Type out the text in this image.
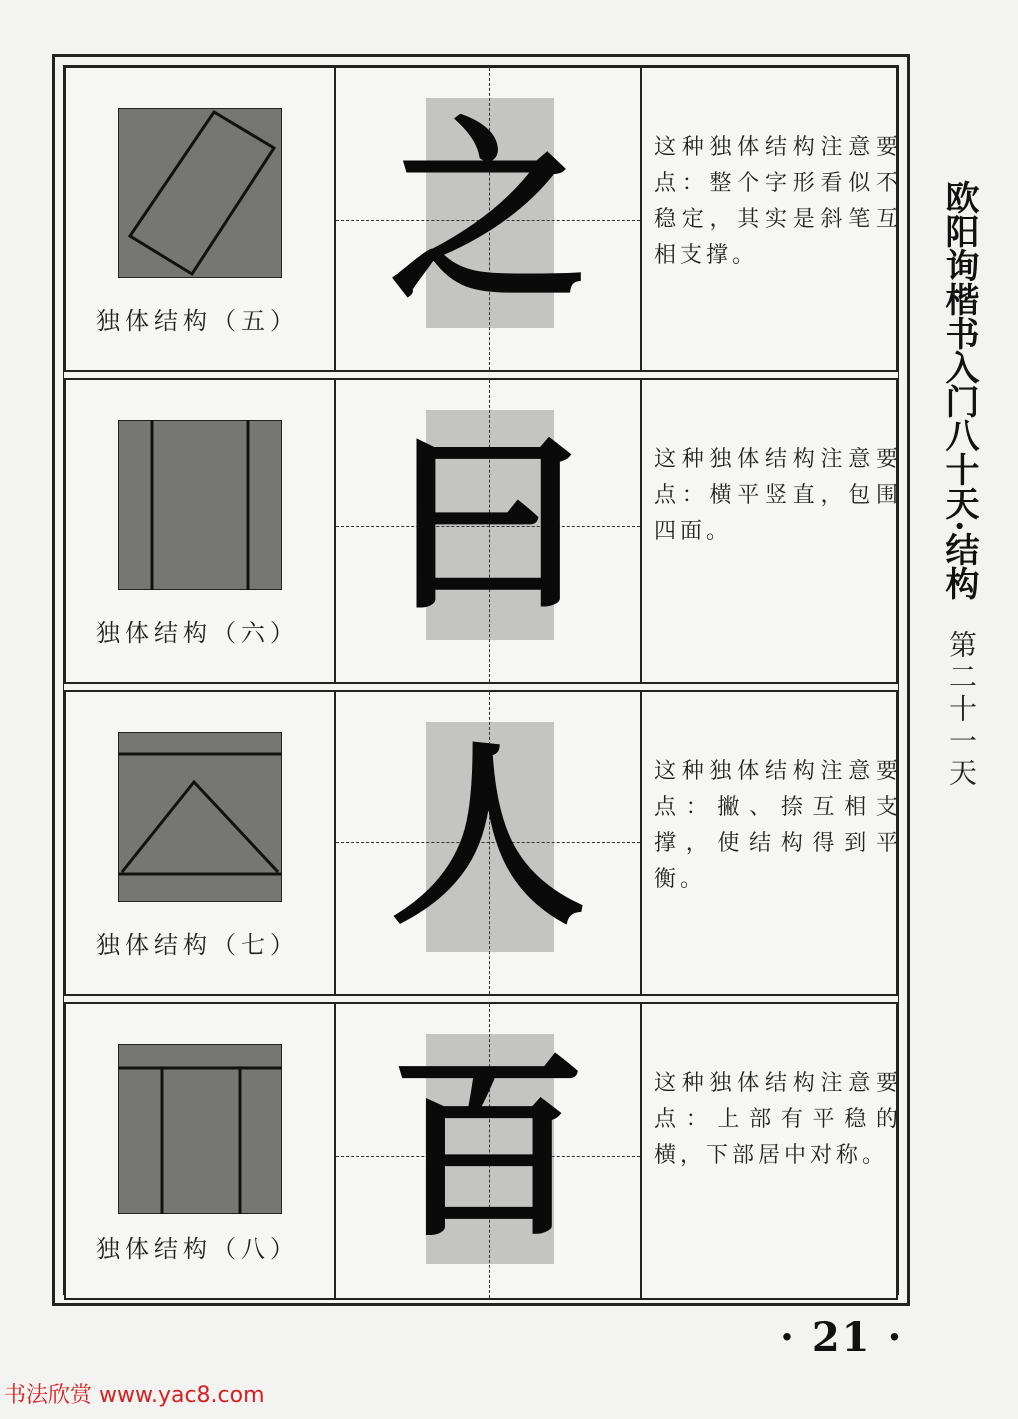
独体结构（五） 之	这种独体结构注意要点：整个字形看似不稳定，其实是斜笔互相支撑。
独体结构（六） 曰	这种独体结构注意要点：横平竖直，包围四面。
独体结构（七） 人	这种独体结构注意要点：撇、捺互相支撑，使结构得到平衡。
独体结构（八） 百	这种独体结构注意要点：上部有平稳的横，下部居中对称。
欧阳询楷书入门八十天·结构
第二十一天
· 21 ·
书法欣赏 www.yac8.com
